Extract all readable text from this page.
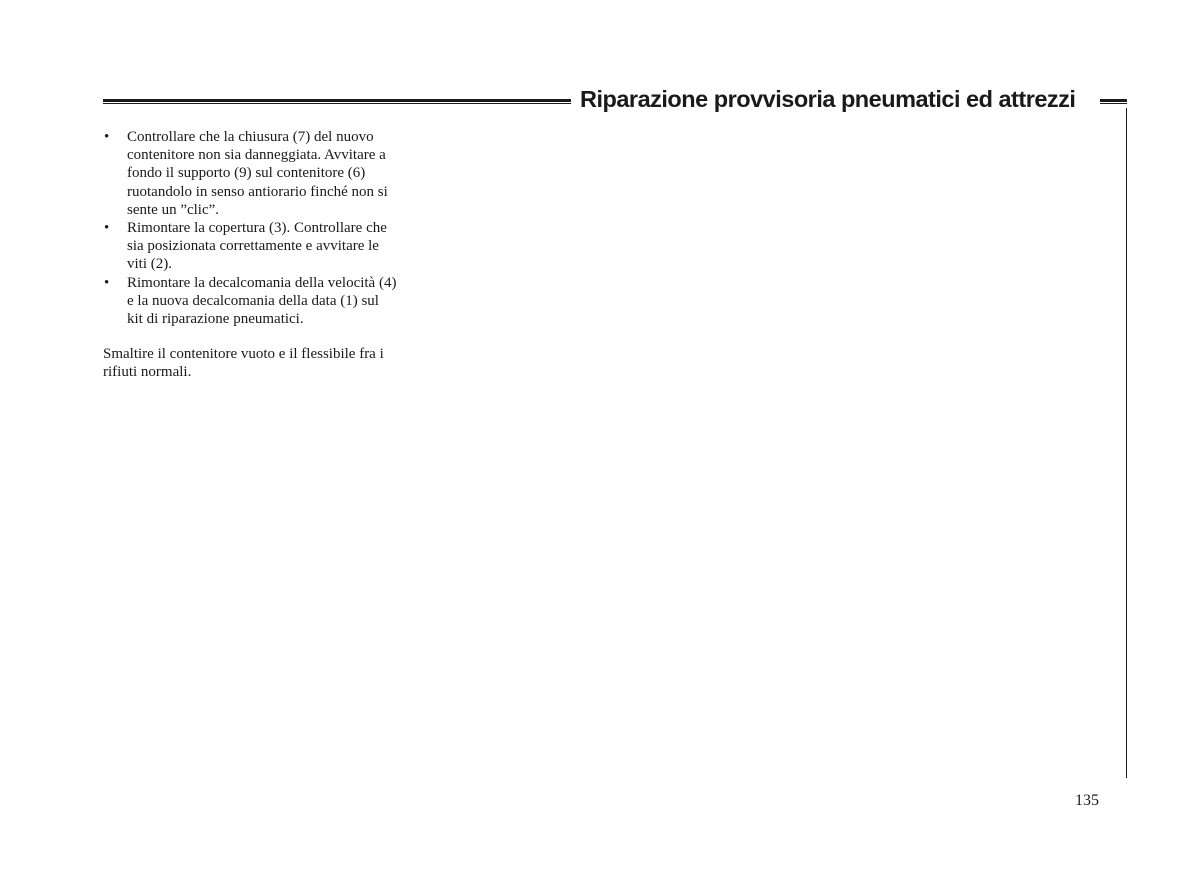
Riparazione provvisoria pneumatici ed attrezzi
• Controllare che la chiusura (7) del nuovo
contenitore non sia danneggiata. Avvitare a
fondo il supporto (9) sul contenitore (6)
ruotandolo in senso antiorario finché non si
sente un ”clic”.
• Rimontare la copertura (3). Controllare che
sia posizionata correttamente e avvitare le
viti (2).
• Rimontare la decalcomania della velocità (4)
e la nuova decalcomania della data (1) sul
kit di riparazione pneumatici.

Smaltire il contenitore vuoto e il flessibile fra i
rifiuti normali.

135
